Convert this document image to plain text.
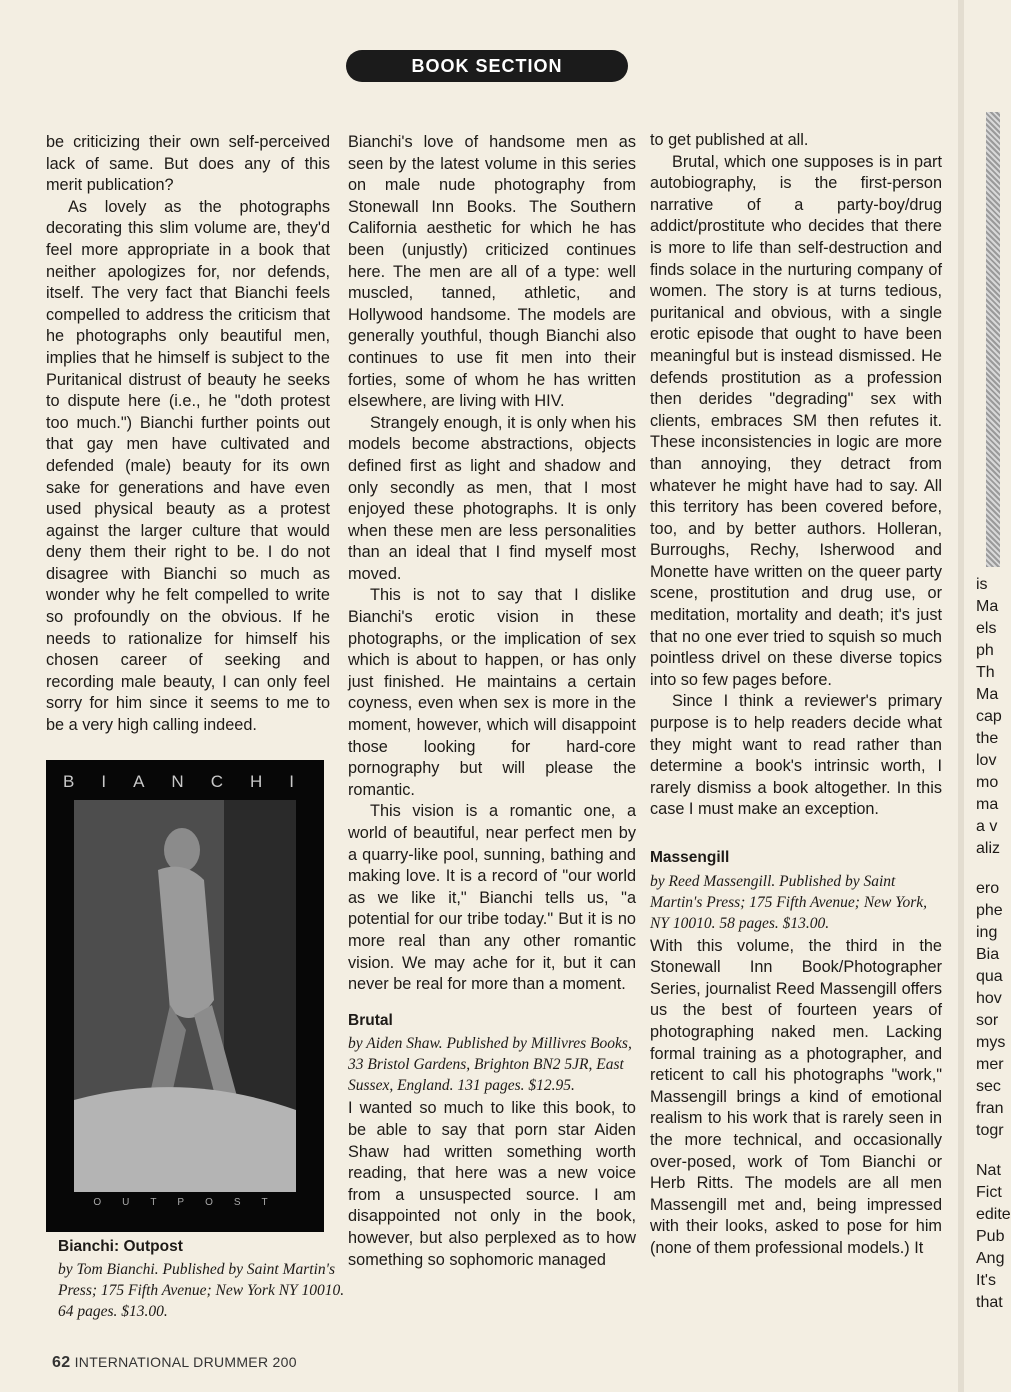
BOOK SECTION

be criticizing their own self-perceived lack of same. But does any of this merit publication?

As lovely as the photographs decorating this slim volume are, they'd feel more appropriate in a book that neither apologizes for, nor defends, itself. The very fact that Bianchi feels compelled to address the criticism that he photographs only beautiful men, implies that he himself is subject to the Puritanical distrust of beauty he seeks to dispute here (i.e., he "doth protest too much.") Bianchi further points out that gay men have cultivated and defended (male) beauty for its own sake for generations and have even used physical beauty as a protest against the larger culture that would deny them their right to be. I do not disagree with Bianchi so much as wonder why he felt compelled to write so profoundly on the obvious. If he needs to rationalize for himself his chosen career of seeking and recording male beauty, I can only feel sorry for him since it seems to me to be a very high calling indeed.

BIANCHI
OUTPOST
Bianchi: Outpost
by Tom Bianchi. Published by Saint Martin's Press; 175 Fifth Avenue; New York NY 10010. 64 pages. $13.00.

Bianchi's love of handsome men as seen by the latest volume in this series on male nude photography from Stonewall Inn Books. The Southern California aesthetic for which he has been (unjustly) criticized continues here. The men are all of a type: well muscled, tanned, athletic, and Hollywood handsome. The models are generally youthful, though Bianchi also continues to use fit men into their forties, some of whom he has written elsewhere, are living with HIV.

Strangely enough, it is only when his models become abstractions, objects defined first as light and shadow and only secondly as men, that I most enjoyed these photographs. It is only when these men are less personalities than an ideal that I find myself most moved.

This is not to say that I dislike Bianchi's erotic vision in these photographs, or the implication of sex which is about to happen, or has only just finished. He maintains a certain coyness, even when sex is more in the moment, however, which will disappoint those looking for hard-core pornography but will please the romantic.

This vision is a romantic one, a world of beautiful, near perfect men by a quarry-like pool, sunning, bathing and making love. It is a record of "our world as we like it," Bianchi tells us, "a potential for our tribe today." But it is no more real than any other romantic vision. We may ache for it, but it can never be real for more than a moment.

Brutal
by Aiden Shaw. Published by Millivres Books, 33 Bristol Gardens, Brighton BN2 5JR, East Sussex, England. 131 pages. $12.95.

I wanted so much to like this book, to be able to say that porn star Aiden Shaw had written something worth reading, that here was a new voice from a unsuspected source. I am disappointed not only in the book, however, but also perplexed as to how something so sophomoric managed

to get published at all.

Brutal, which one supposes is in part autobiography, is the first-person narrative of a party-boy/drug addict/prostitute who decides that there is more to life than self-destruction and finds solace in the nurturing company of women. The story is at turns tedious, puritanical and obvious, with a single erotic episode that ought to have been meaningful but is instead dismissed. He defends prostitution as a profession then derides "degrading" sex with clients, embraces SM then refutes it. These inconsistencies in logic are more than annoying, they detract from whatever he might have had to say. All this territory has been covered before, too, and by better authors. Holleran, Burroughs, Rechy, Isherwood and Monette have written on the queer party scene, prostitution and drug use, or meditation, mortality and death; it's just that no one ever tried to squish so much pointless drivel on these diverse topics into so few pages before.

Since I think a reviewer's primary purpose is to help readers decide what they might want to read rather than determine a book's intrinsic worth, I rarely dismiss a book altogether. In this case I must make an exception.

Massengill
by Reed Massengill. Published by Saint Martin's Press; 175 Fifth Avenue; New York, NY 10010. 58 pages. $13.00.

With this volume, the third in the Stonewall Inn Book/Photographer Series, journalist Reed Massengill offers us the best of fourteen years of photographing naked men. Lacking formal training as a photographer, and reticent to call his photographs "work," Massengill brings a kind of emotional realism to his work that is rarely seen in the more technical, and occasionally over-posed, work of Tom Bianchi or Herb Ritts. The models are all men Massengill met and, being impressed with their looks, asked to pose for him (none of them professional models.) It

is
Ma
els
ph
Th
Ma
cap
the
lov
mo
ma
a v
aliz
ero
phe
ing
Bia
qua
hov
sor
mys
mer
sec
fran
togr
Nat
Fict
edite
Pub
Ang
It's
that
62 INTERNATIONAL DRUMMER 200
